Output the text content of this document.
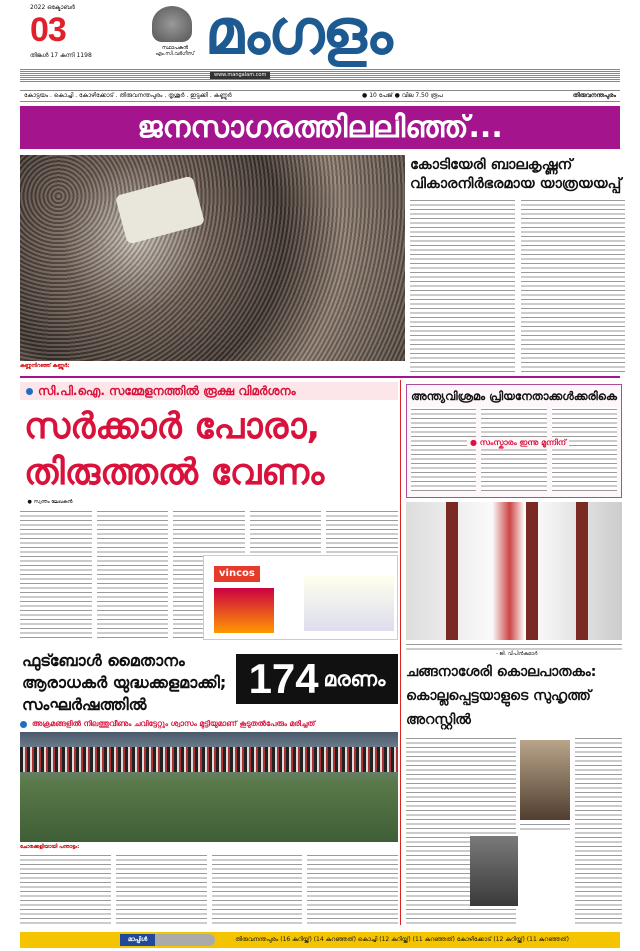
2022 ഒക്ടോബർ
03
തിങ്കൾ 17 കന്നി 1198
സ്ഥാപകൻ എം.സി.വർഗീസ് മംഗളം
www.mangalam.com
കോട്ടയം . കൊച്ചി . കോഴിക്കോട് . തിരുവനന്തപുരം . തൃശൂർ . ഇടുക്കി . കണ്ണൂർ	● 10 പേജ് ● വില 7.50 രൂപ	തിരുവനന്തപുരം
ജനസാഗരത്തിലലിഞ്ഞ്...
കണ്ണുനിറഞ്ഞ് കണ്ണൂർ:
കോടിയേരി ബാലകൃഷ്ണന് വികാരനിർഭരമായ യാത്രയയപ്പ്
സി.പി.ഐ. സമ്മേളനത്തിൽ രൂക്ഷ വിമർശനം
സർക്കാർ പോരാ, തിരുത്തൽ വേണം
● സ്വന്തം ലേഖകൻ
vincos
അന്ത്യവിശ്രമം പ്രിയനേതാക്കൾക്കരികെ
● സംസ്കാരം ഇന്നു മൂന്നിന്
- ജി. വിപിൻകുമാർ
ഫുട്ബോൾ മൈതാനം ആരാധകർ യുദ്ധക്കളമാക്കി; സംഘർഷത്തിൽ
174 മരണം
അക്രമങ്ങളിൽ നിലത്തുവീണും ചവിട്ടേറ്റും ശ്വാസം മുട്ടിയുമാണ് കൂടുതൽപേരും മരിച്ചത്
ചോരക്കളിയായി പന്താട്ടം:
ചങ്ങനാശേരി കൊലപാതകം: കൊല്ലപ്പെട്ടയാളുടെ സുഹൃത്ത് അറസ്റ്റിൽ
മാപ്പിൾ	തിരുവനന്തപുരം (16 കുറിയ്ക്ക്) (14 കുറഞ്ഞത്) കൊച്ചി (12 കുറിയ്ക്ക്) (11 കുറഞ്ഞത്) കോഴിക്കോട് (12 കുറിയ്ക്ക്) (11 കുറഞ്ഞത്)
